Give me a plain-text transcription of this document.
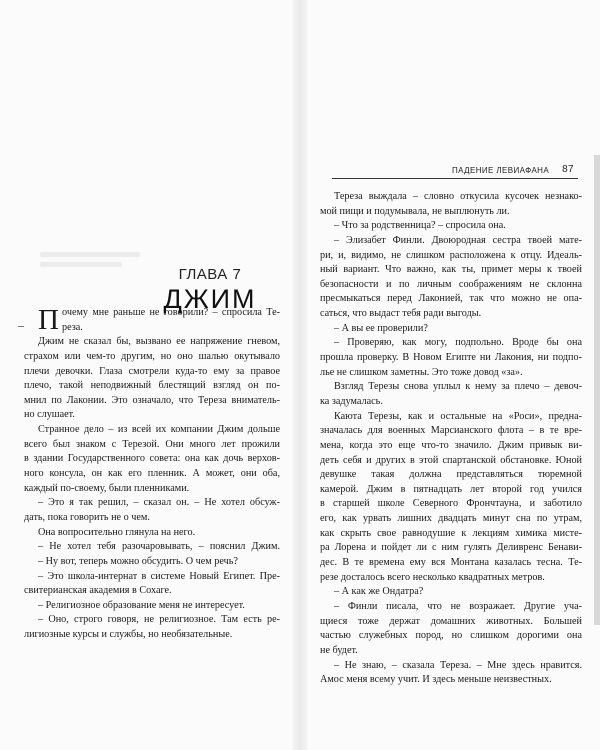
ГЛАВА 7
ДЖИМ
– П очему мне раньше не говорили? – спросила Те-
реза.
Джим не сказал бы, вызвано ее напряжение гневом,
страхом или чем-то другим, но оно шалью окутывало
плечи девочки. Глаза смотрели куда-то ему за правое
плечо, такой неподвижный блестящий взгляд он по-
мнил по Лаконии. Это означало, что Тереза вниматель-
но слушает.
Странное дело – из всей их компании Джим дольше
всего был знаком с Терезой. Они много лет прожили
в здании Государственного совета: она как дочь верхов-
ного консула, он как его пленник. А может, они оба,
каждый по-своему, были пленниками.
– Это я так решил, – сказал он. – Не хотел обсуж-
дать, пока говорить не о чем.
Она вопросительно глянула на него.
– Не хотел тебя разочаровывать, – пояснил Джим.
– Ну вот, теперь можно обсудить. О чем речь?
– Это школа-интернат в системе Новый Египет. Пре-
свитерианская академия в Сохаге.
– Религиозное образование меня не интересует.
– Оно, строго говоря, не религиозное. Там есть ре-
лигиозные курсы и службы, но необязательные.
ПАДЕНИЕ ЛЕВИАФАНА 87
Тереза выждала – словно откусила кусочек незнако-
мой пищи и подумывала, не выплюнуть ли.
– Что за родственница? – спросила она.
– Элизабет Финли. Двоюродная сестра твоей мате-
ри, и, видимо, не слишком расположена к отцу. Идеаль-
ный вариант. Что важно, как ты, примет меры к твоей
безопасности и по личным соображениям не склонна
пресмыкаться перед Лаконией, так что можно не опа-
саться, что выдаст тебя ради выгоды.
– А вы ее проверили?
– Проверяю, как могу, подпольно. Вроде бы она
прошла проверку. В Новом Египте ни Лакония, ни подпо-
лье не слишком заметны. Это тоже довод «за».
Взгляд Терезы снова уплыл к нему за плечо – девоч-
ка задумалась.
Каюта Терезы, как и остальные на «Роси», предна-
значалась для военных Марсианского флота – в те вре-
мена, когда это еще что-то значило. Джим привык ви-
деть себя и других в этой спартанской обстановке. Юной
девушке такая должна представляться тюремной
камерой. Джим в пятнадцать лет второй год учился
в старшей школе Северного Фрончтауна, и заботило
его, как урвать лишних двадцать минут сна по утрам,
как скрыть свое равнодушие к лекциям химика мисте-
ра Лорена и пойдет ли с ним гулять Деливренс Бенави-
дес. В те времена ему вся Монтана казалась тесна. Те-
резе досталось всего несколько квадратных метров.
– А как же Ондатра?
– Финли писала, что не возражает. Другие уча-
щиеся тоже держат домашних животных. Большей
частью служебных пород, но слишком дорогими она
не будет.
– Не знаю, – сказала Тереза. – Мне здесь нравится.
Амос меня всему учит. И здесь меньше неизвестных.
